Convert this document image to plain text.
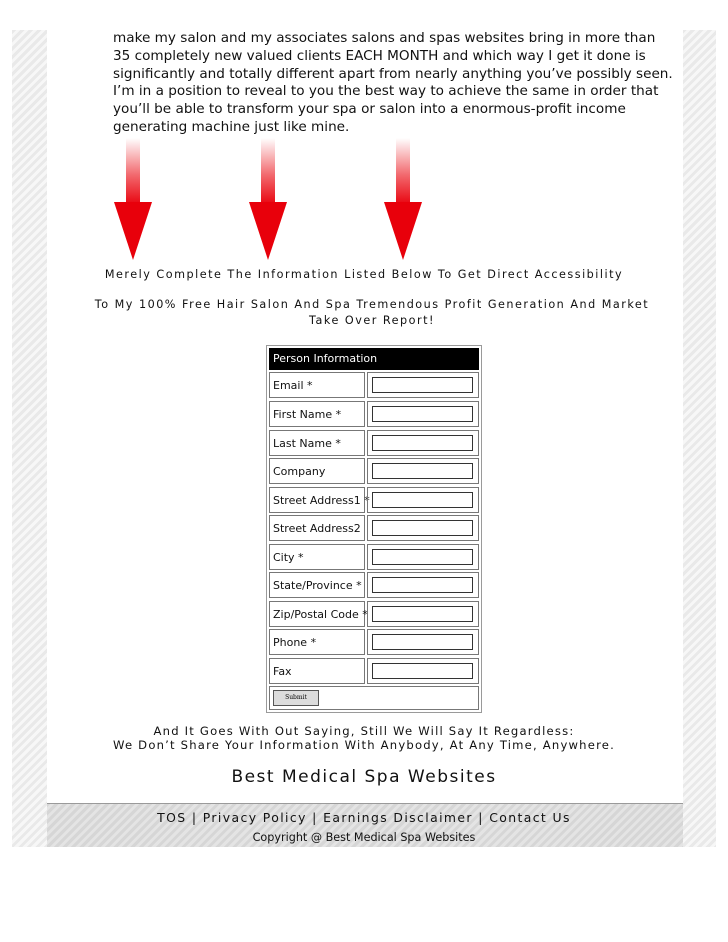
make my salon and my associates salons and spas websites bring in more than 35 completely new valued clients EACH MONTH and which way I get it done is significantly and totally different apart from nearly anything you’ve possibly seen. I’m in a position to reveal to you the best way to achieve the same in order that you’ll be able to transform your spa or salon into a enormous-profit income generating machine just like mine.

Merely Complete The Information Listed Below To Get Direct Accessibility

To My 100% Free Hair Salon And Spa Tremendous Profit Generation And Market Take Over Report!

Person Information
Email *
First Name *
Last Name *
Company
Street Address1 *
Street Address2
City *
State/Province *
Zip/Postal Code *
Phone *
Fax
Submit

And It Goes With Out Saying, Still We Will Say It Regardless:

We Don’t Share Your Information With Anybody, At Any Time, Anywhere.

Best Medical Spa Websites

TOS | Privacy Policy | Earnings Disclaimer | Contact Us
Copyright @ Best Medical Spa Websites
